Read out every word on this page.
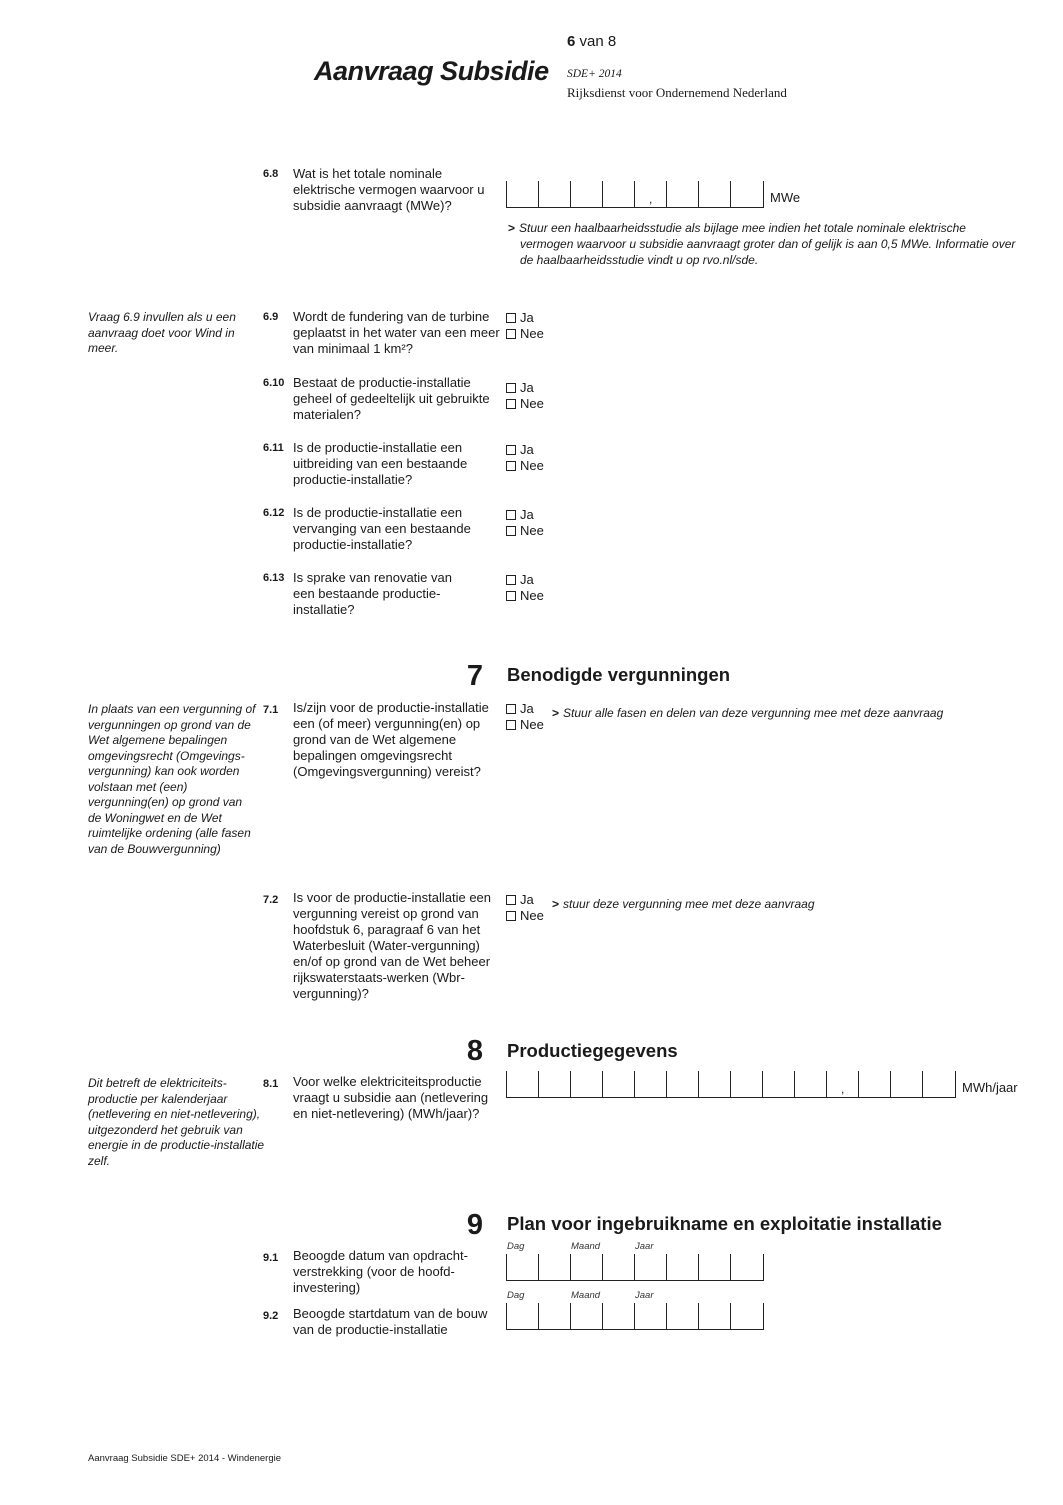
6 van 8
Aanvraag Subsidie SDE+ 2014
Rijksdienst voor Ondernemend Nederland
6.8	Wat is het totale nominale elektrische vermogen waarvoor u subsidie aanvraagt (MWe)?	,	MWe
> Stuur een haalbaarheidsstudie als bijlage mee indien het totale nominale elektrische vermogen waarvoor u subsidie aanvraagt groter dan of gelijk is aan 0,5 MWe. Informatie over de haalbaarheidsstudie vindt u op rvo.nl/sde.
Vraag 6.9 invullen als u een aanvraag doet voor Wind in meer.
6.9	Wordt de fundering van de turbine geplaatst in het water van een meer van minimaal 1 km²?
Ja
Nee
6.10 Bestaat de productie-installatie geheel of gedeeltelijk uit gebruikte materialen?
Ja
Nee
6.11 Is de productie-installatie een uitbreiding van een bestaande productie-installatie?
Ja
Nee
6.12 Is de productie-installatie een vervanging van een bestaande productie-installatie?
Ja
Nee
6.13 Is sprake van renovatie van een bestaande productie-installatie?
Ja
Nee
7 Benodigde vergunningen
In plaats van een vergunning of vergunningen op grond van de Wet algemene bepalingen omgevingsrecht (Omgevings-vergunning) kan ook worden volstaan met (een) vergunning(en) op grond van de Woningwet en de Wet ruimtelijke ordening (alle fasen van de Bouwvergunning)
7.1	Is/zijn voor de productie-installatie een (of meer) vergunning(en) op grond van de Wet algemene bepalingen omgevingsrecht (Omgevingsvergunning) vereist?
Ja
Nee
> Stuur alle fasen en delen van deze vergunning mee met deze aanvraag
7.2	Is voor de productie-installatie een vergunning vereist op grond van hoofdstuk 6, paragraaf 6 van het Waterbesluit (Water-vergunning) en/of op grond van de Wet beheer rijkswaterstaats-werken (Wbr-vergunning)?
Ja
Nee
> stuur deze vergunning mee met deze aanvraag
8 Productiegegevens
Dit betreft de elektriciteits-productie per kalenderjaar (netlevering en niet-netlevering), uitgezonderd het gebruik van energie in de productie-installatie zelf.
8.1	Voor welke elektriciteitsproductie vraagt u subsidie aan (netlevering en niet-netlevering) (MWh/jaar)?
,	MWh/jaar
9 Plan voor ingebruikname en exploitatie installatie
Dag	Maand	Jaar
9.1	Beoogde datum van opdracht-verstrekking (voor de hoofd-investering)
Dag	Maand	Jaar
9.2	Beoogde startdatum van de bouw van de productie-installatie
Aanvraag Subsidie SDE+ 2014 - Windenergie
